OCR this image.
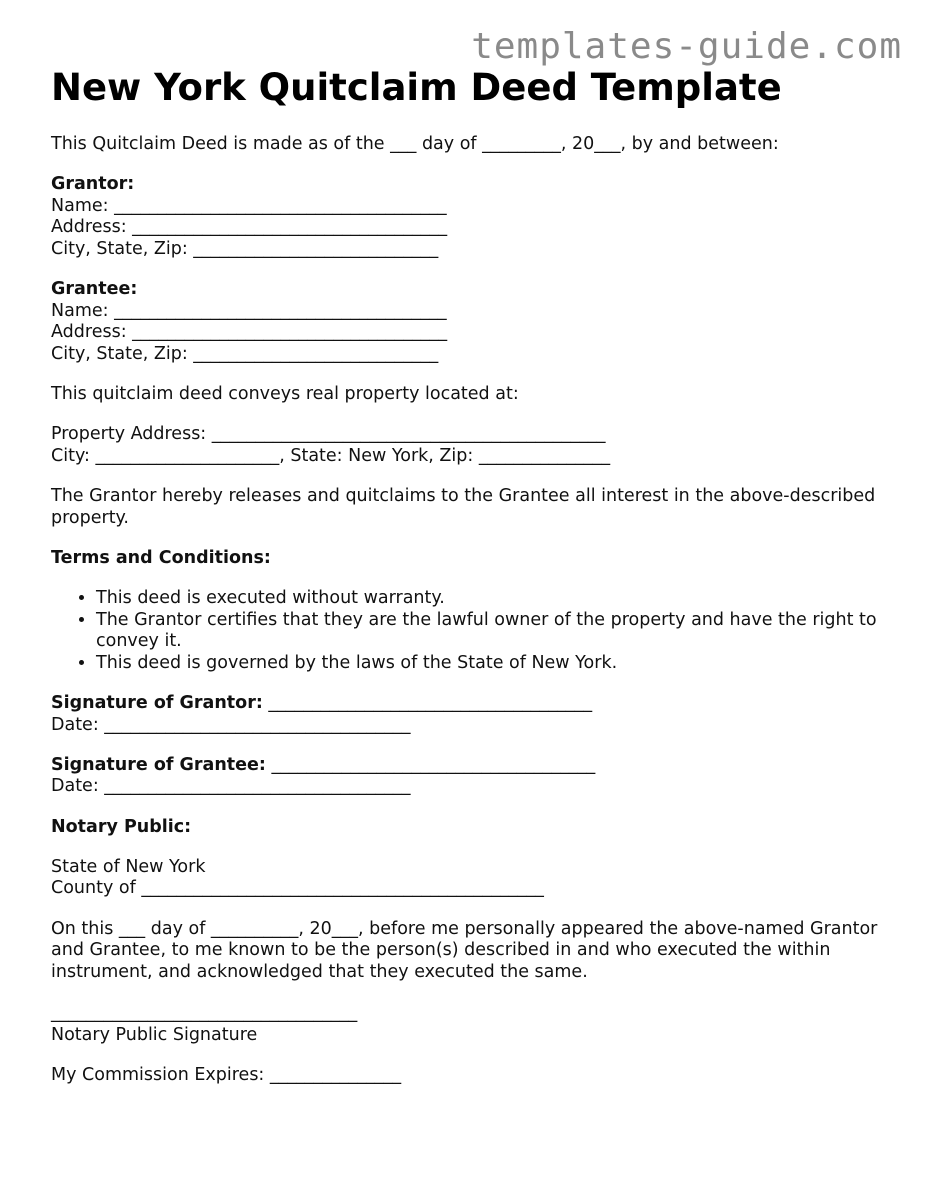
templates-guide.com
New York Quitclaim Deed Template

This Quitclaim Deed is made as of the ___ day of _________, 20___, by and between:

Grantor:
Name: ______________________________________
Address: ____________________________________
City, State, Zip: ____________________________
Grantee:
Name: ______________________________________
Address: ____________________________________
City, State, Zip: ____________________________

This quitclaim deed conveys real property located at:

Property Address: _____________________________________________
City: _____________________, State: New York, Zip: _______________

The Grantor hereby releases and quitclaims to the Grantee all interest in the above-described property.

Terms and Conditions:

• This deed is executed without warranty.
• The Grantor certifies that they are the lawful owner of the property and have the right to convey it.
• This deed is governed by the laws of the State of New York.
Signature of Grantor: _____________________________________
Date: ___________________________________
Signature of Grantee: _____________________________________
Date: ___________________________________

Notary Public:

State of New York
County of ______________________________________________

On this ___ day of __________, 20___, before me personally appeared the above-named Grantor and Grantee, to me known to be the person(s) described in and who executed the within instrument, and acknowledged that they executed the same.

___________________________________
Notary Public Signature

My Commission Expires: _______________
